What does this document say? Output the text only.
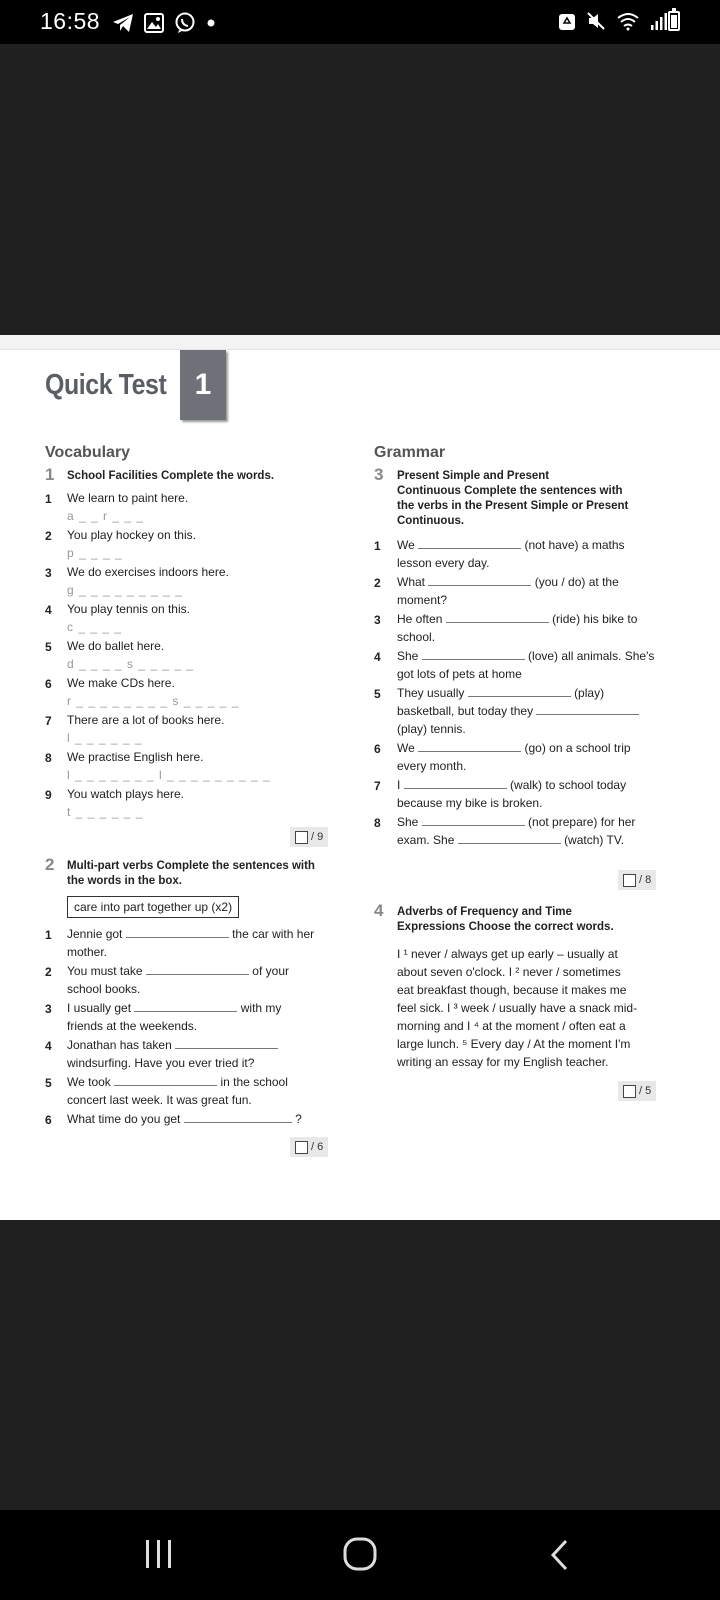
16:58
Quick Test 1
Vocabulary
1 School Facilities Complete the words.
1 We learn to paint here.
a _ _ r _ _ _
2 You play hockey on this.
p _ _ _ _
3 We do exercises indoors here.
g _ _ _ _ _ _ _ _ _
4 You play tennis on this.
c _ _ _ _
5 We do ballet here.
d _ _ _ _ s _ _ _ _ _
6 We make CDs here.
r _ _ _ _ _ _ _ _ s _ _ _ _ _
7 There are a lot of books here.
l _ _ _ _ _ _
8 We practise English here.
l _ _ _ _ _ _ _ l _ _ _ _ _ _ _ _ _
9 You watch plays here.
t _ _ _ _ _ _
/ 9
2 Multi-part verbs Complete the sentences with
the words in the box.
care into part together up (x2)
1 Jennie got	the car with her
mother.
2 You must take	of your
school books.
3 I usually get	with my
friends at the weekends.
4 Jonathan has taken
windsurfing. Have you ever tried it?
5 We took	in the school
concert last week. It was great fun.
6 What time do you get	?
/ 6
Grammar
3 Present Simple and Present
Continuous Complete the sentences with
the verbs in the Present Simple or Present
Continuous.
1 We	(not have) a maths
lesson every day.
2 What	(you / do) at the
moment?
3 He often	(ride) his bike to
school.
4 She	(love) all animals. She's
got lots of pets at home
5 They usually	(play)
basketball, but today they
(play) tennis.
6 We	(go) on a school trip
every month.
7 I	(walk) to school today
because my bike is broken.
8 She	(not prepare) for her
exam. She	(watch) TV.
/ 8
4 Adverbs of Frequency and Time
Expressions Choose the correct words.
I ¹ never / always get up early – usually at
about seven o'clock. I ² never / sometimes
eat breakfast though, because it makes me
feel sick. I ³ week / usually have a snack mid-
morning and I ⁴ at the moment / often eat a
large lunch. ⁵ Every day / At the moment I'm
writing an essay for my English teacher.
/ 5
